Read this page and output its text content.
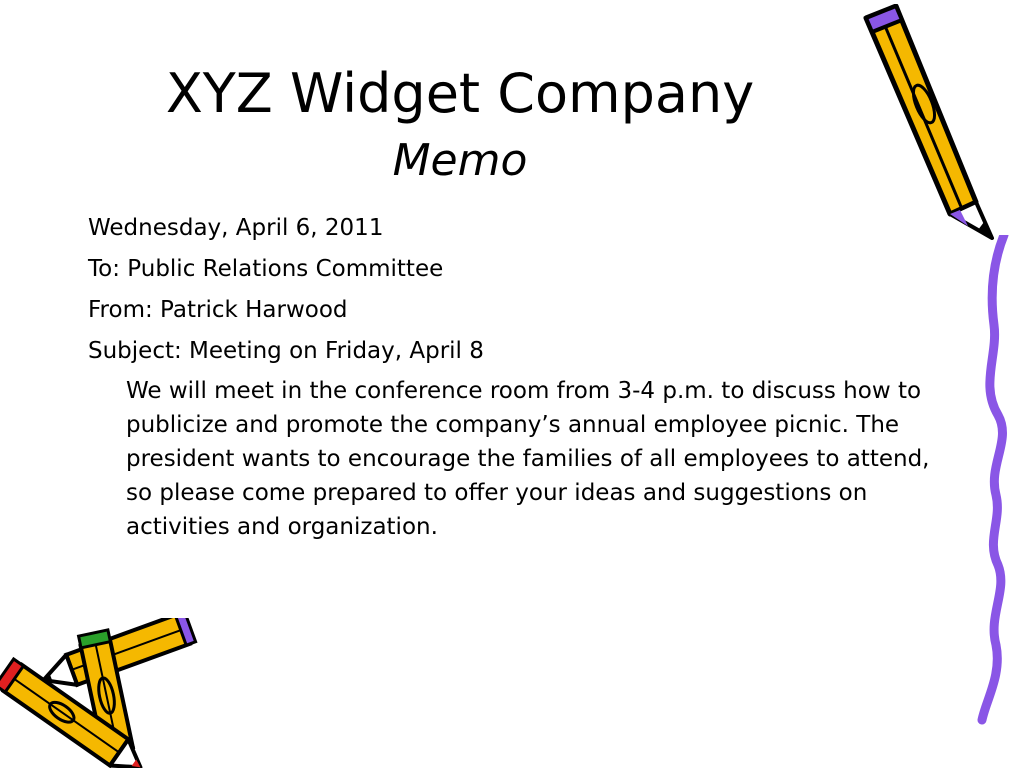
XYZ Widget Company
Memo
Wednesday, April 6, 2011
To: Public Relations Committee
From: Patrick Harwood
Subject: Meeting on Friday, April 8

We will meet in the conference room from 3-4 p.m. to discuss how to publicize and promote the company’s annual employee picnic. The president wants to encourage the families of all employees to attend, so please come prepared to offer your ideas and suggestions on activities and organization.
